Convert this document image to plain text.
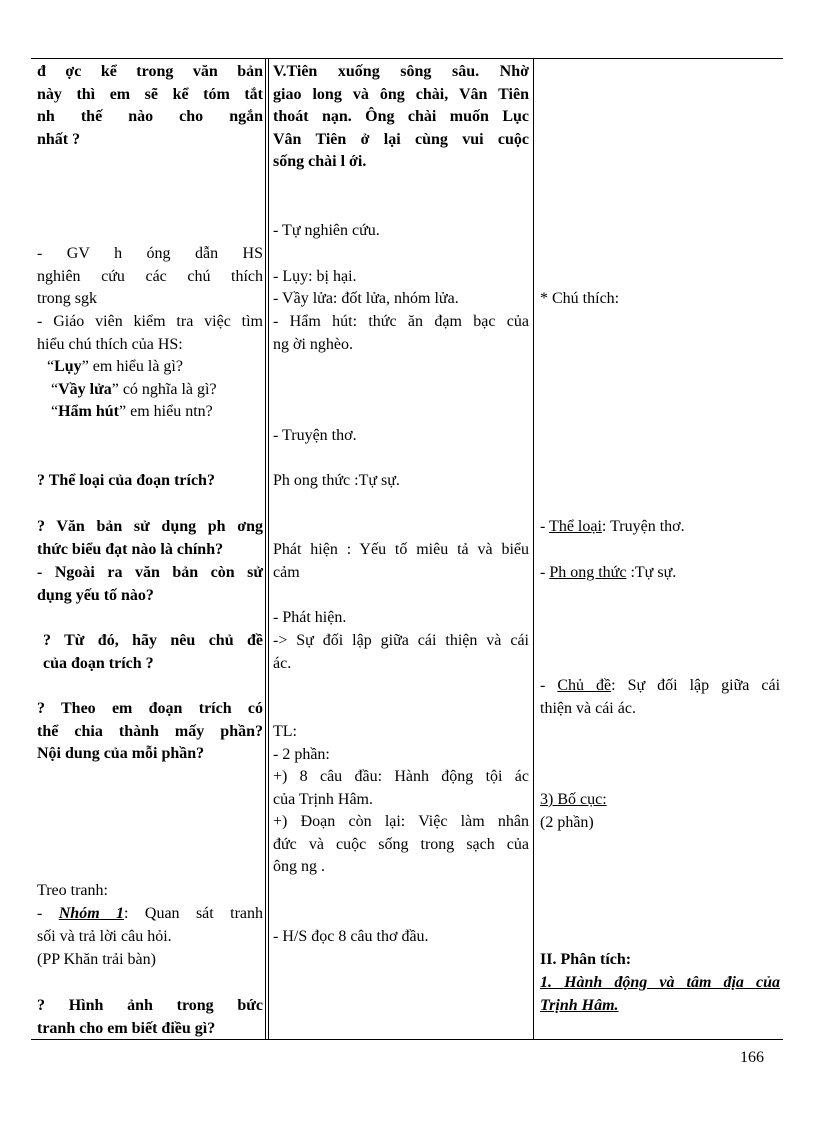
đ ợc kể trong văn bản
này thì em sẽ kể tóm tắt
nh thế nào cho ngắn
nhất ?
- GV h óng dẫn HS
nghiên cứu các chú thích
trong sgk
- Giáo viên kiểm tra việc tìm
hiểu chú thích của HS:
“Lụy” em hiểu là gì?
“Vầy lửa” có nghĩa là gì?
“Hẩm hút” em hiểu ntn?
? Thể loại của đoạn trích?
? Văn bản sử dụng ph ơng
thức biểu đạt nào là chính?
- Ngoài ra văn bản còn sử
dụng yếu tố nào?
? Từ đó, hãy nêu chủ đề
của đoạn trích ?
? Theo em đoạn trích có
thể chia thành mấy phần?
Nội dung của mỗi phần?
Treo tranh:
- Nhóm 1: Quan sát tranh
sối và trả lời câu hỏi.
(PP Khăn trải bàn)
? Hình ảnh trong bức
tranh cho em biết điều gì?
V.Tiên xuống sông sâu. Nhờ
giao long và ông chài, Vân Tiên
thoát nạn. Ông chài muốn Lục
Vân Tiên ở lại cùng vui cuộc
sống chài l ới.
- Tự nghiên cứu.
- Lụy: bị hại.
- Vầy lửa: đốt lửa, nhóm lửa.
- Hẩm hút: thức ăn đạm bạc của
ng ời nghèo.
- Truyện thơ.
Ph ong thức :Tự sự.
Phát hiện : Yếu tố miêu tả và biểu
cảm
- Phát hiện.
-> Sự đối lập giữa cái thiện và cái
ác.
TL:
- 2 phần:
+) 8 câu đầu: Hành động tội ác
của Trịnh Hâm.
+) Đoạn còn lại: Việc làm nhân
đức và cuộc sống trong sạch của
ông ng .
- H/S đọc 8 câu thơ đầu.
* Chú thích:
- Thể loại: Truyện thơ.
- Ph ong thức :Tự sự.
- Chủ đề: Sự đối lập giữa cái
thiện và cái ác.
3) Bố cục:
(2 phần)
II. Phân tích:
1. Hành động và tâm địa của
Trịnh Hâm.
166
